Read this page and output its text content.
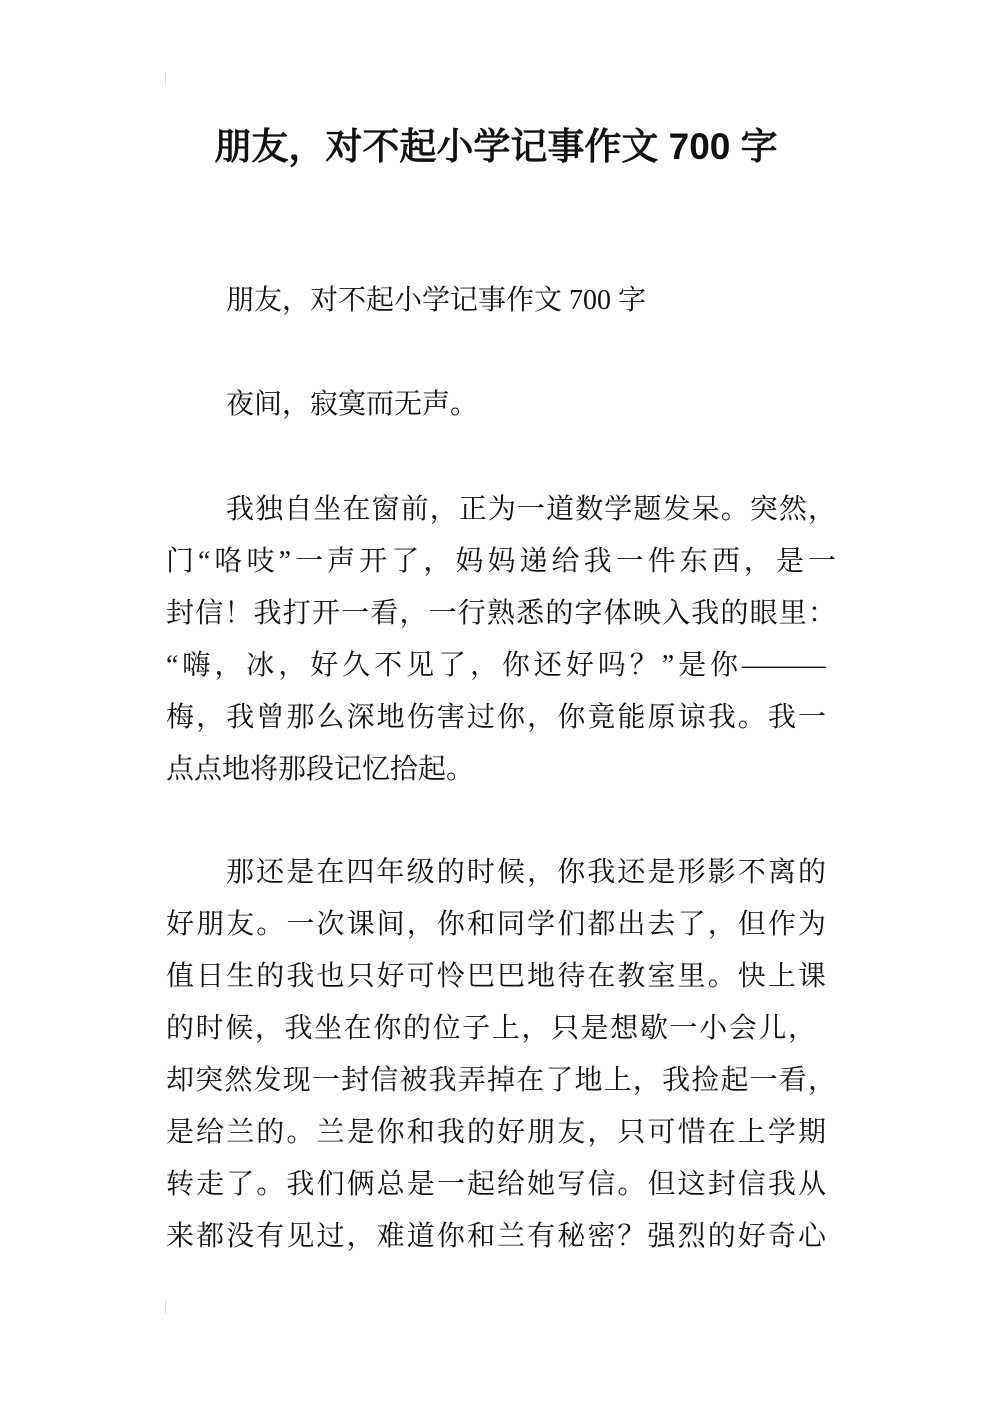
朋友，对不起小学记事作文 700 字
朋友，对不起小学记事作文 700 字
夜间，寂寞而无声。
我独自坐在窗前，正为一道数学题发呆。突然，
门“咯吱”一声开了，妈妈递给我一件东西，是一
封信！我打开一看，一行熟悉的字体映入我的眼里：
“嗨，冰，好久不见了，你还好吗？”是你———
梅，我曾那么深地伤害过你，你竟能原谅我。我一
点点地将那段记忆拾起。
那还是在四年级的时候，你我还是形影不离的
好朋友。一次课间，你和同学们都出去了，但作为
值日生的我也只好可怜巴巴地待在教室里。快上课
的时候，我坐在你的位子上，只是想歇一小会儿，
却突然发现一封信被我弄掉在了地上，我捡起一看，
是给兰的。兰是你和我的好朋友，只可惜在上学期
转走了。我们俩总是一起给她写信。但这封信我从
来都没有见过，难道你和兰有秘密？强烈的好奇心
